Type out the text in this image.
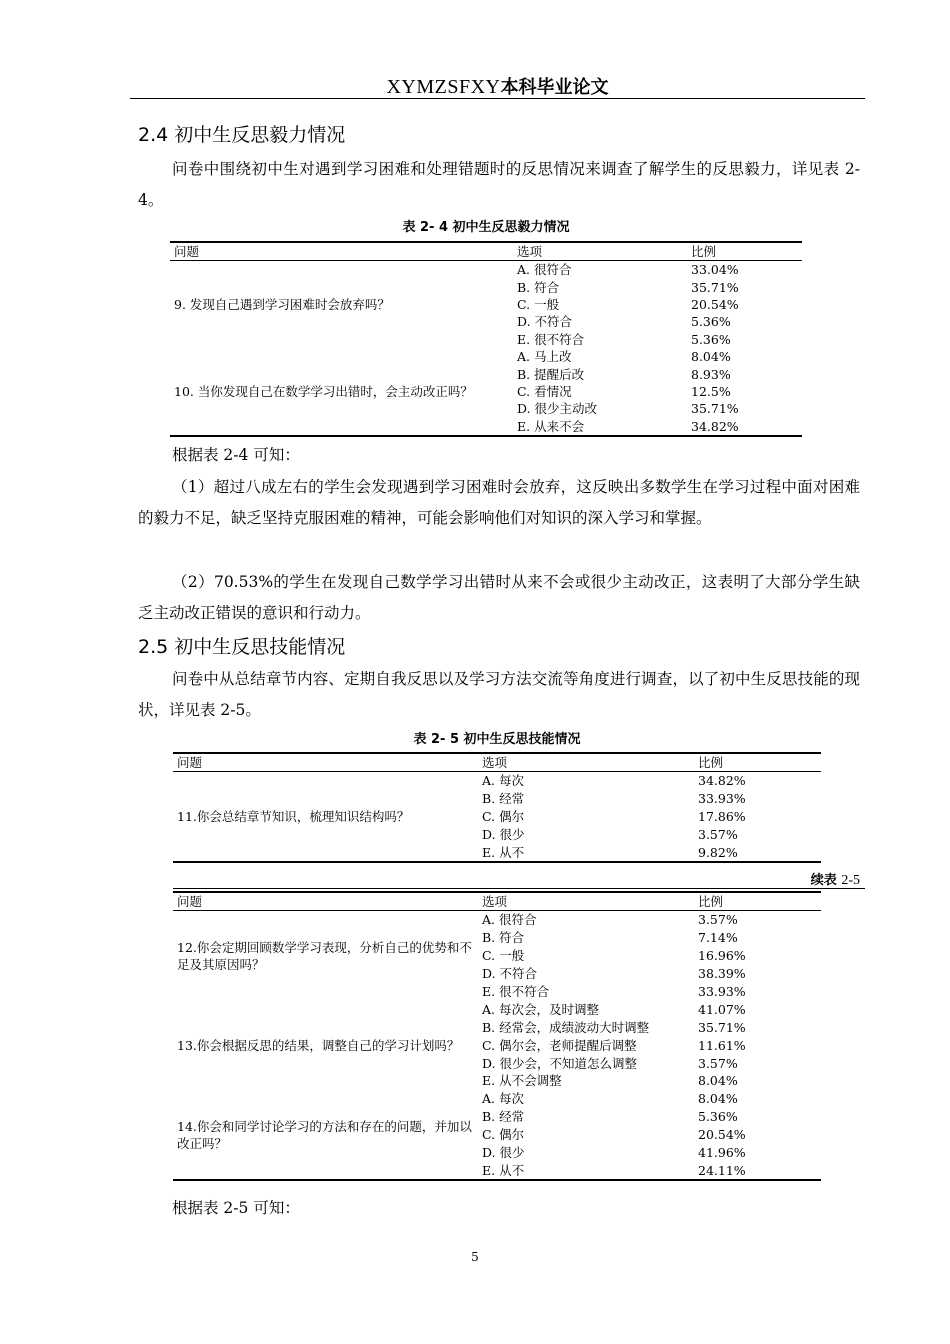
XYMZSFXY本科毕业论文
2.4 初中生反思毅力情况
问卷中围绕初中生对遇到学习困难和处理错题时的反思情况来调查了解学生的反思毅力，详见表 2-4。
表 2- 4 初中生反思毅力情况
问题	选项	比例
9. 发现自己遇到学习困难时会放弃吗？	A. 很符合	33.04%
	B. 符合	35.71%
	C. 一般	20.54%
	D. 不符合	5.36%
	E. 很不符合	5.36%
10. 当你发现自己在数学学习出错时，会主动改正吗？	A. 马上改	8.04%
	B. 提醒后改	8.93%
	C. 看情况	12.5%
	D. 很少主动改	35.71%
	E. 从来不会	34.82%
根据表 2-4 可知：
（1）超过八成左右的学生会发现遇到学习困难时会放弃，这反映出多数学生在学习过程中面对困难的毅力不足，缺乏坚持克服困难的精神，可能会影响他们对知识的深入学习和掌握。
（2）70.53%的学生在发现自己数学学习出错时从来不会或很少主动改正，这表明了大部分学生缺乏主动改正错误的意识和行动力。
2.5 初中生反思技能情况
问卷中从总结章节内容、定期自我反思以及学习方法交流等角度进行调查，以了初中生反思技能的现状，详见表 2-5。
表 2- 5 初中生反思技能情况
问题	选项	比例
11.你会总结章节知识，梳理知识结构吗？	A. 每次	34.82%
	B. 经常	33.93%
	C. 偶尔	17.86%
	D. 很少	3.57%
	E. 从不	9.82%
续表 2-5
问题	选项	比例
12.你会定期回顾数学学习表现，分析自己的优势和不足及其原因吗？	A. 很符合	3.57%
	B. 符合	7.14%
	C. 一般	16.96%
	D. 不符合	38.39%
	E. 很不符合	33.93%
13.你会根据反思的结果，调整自己的学习计划吗？	A. 每次会，及时调整	41.07%
	B. 经常会，成绩波动大时调整	35.71%
	C. 偶尔会，老师提醒后调整	11.61%
	D. 很少会，不知道怎么调整	3.57%
	E. 从不会调整	8.04%
14.你会和同学讨论学习的方法和存在的问题，并加以改正吗？	A. 每次	8.04%
	B. 经常	5.36%
	C. 偶尔	20.54%
	D. 很少	41.96%
	E. 从不	24.11%
根据表 2-5 可知：
5
